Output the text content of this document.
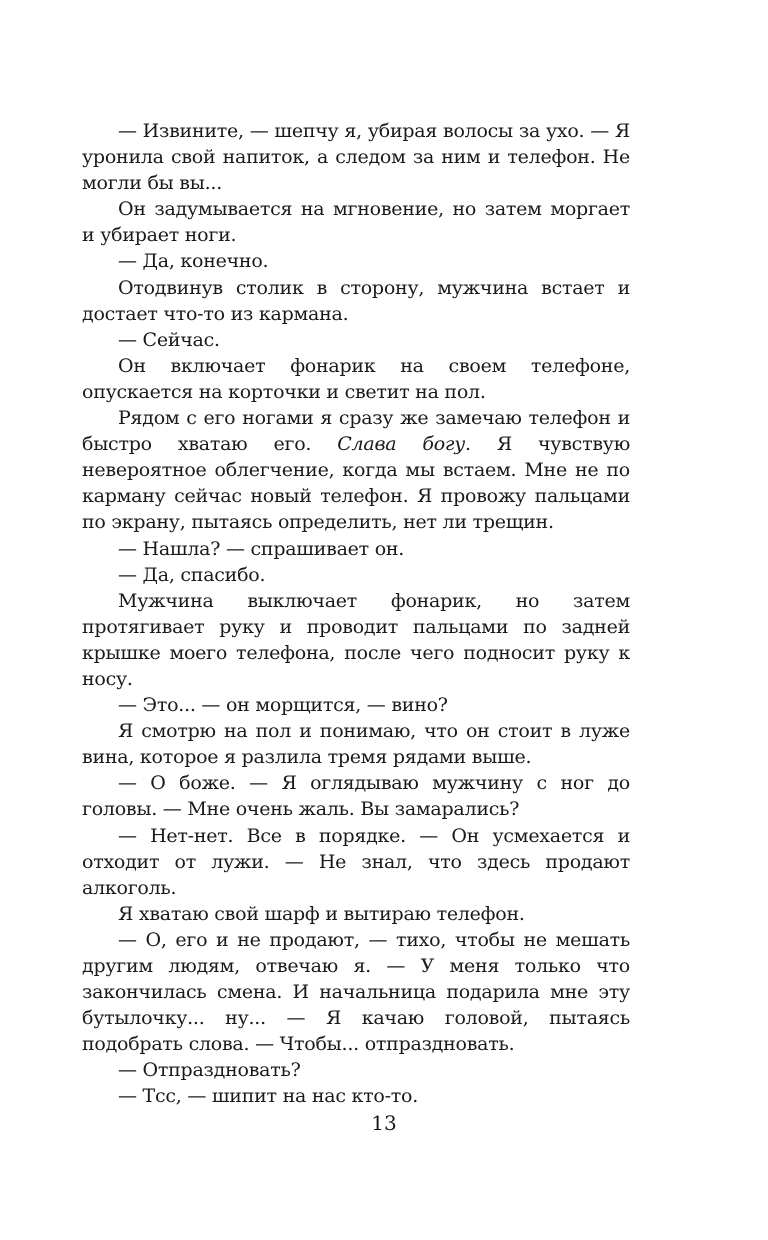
— Извините, — шепчу я, убирая волосы за ухо. — Я уронила свой напиток, а следом за ним и телефон. Не могли бы вы...

Он задумывается на мгновение, но затем моргает и убирает ноги.

— Да, конечно.

Отодвинув столик в сторону, мужчина встает и достает что-то из кармана.

— Сейчас.

Он включает фонарик на своем телефоне, опускается на корточки и светит на пол.

Рядом с его ногами я сразу же замечаю телефон и быстро хватаю его. Слава богу. Я чувствую невероятное облегчение, когда мы встаем. Мне не по карману сейчас новый телефон. Я провожу пальцами по экрану, пытаясь определить, нет ли трещин.

— Нашла? — спрашивает он.

— Да, спасибо.

Мужчина выключает фонарик, но затем протягивает руку и проводит пальцами по задней крышке моего телефона, после чего подносит руку к носу.

— Это... — он морщится, — вино?

Я смотрю на пол и понимаю, что он стоит в луже вина, которое я разлила тремя рядами выше.

— О боже. — Я оглядываю мужчину с ног до головы. — Мне очень жаль. Вы замарались?

— Нет-нет. Все в порядке. — Он усмехается и отходит от лужи. — Не знал, что здесь продают алкоголь.

Я хватаю свой шарф и вытираю телефон.

— О, его и не продают, — тихо, чтобы не мешать другим людям, отвечаю я. — У меня только что закончилась смена. И начальница подарила мне эту бутылочку... ну... — Я качаю головой, пытаясь подобрать слова. — Чтобы... отпраздновать.

— Отпраздновать?

— Тсс, — шипит на нас кто-то.

13
